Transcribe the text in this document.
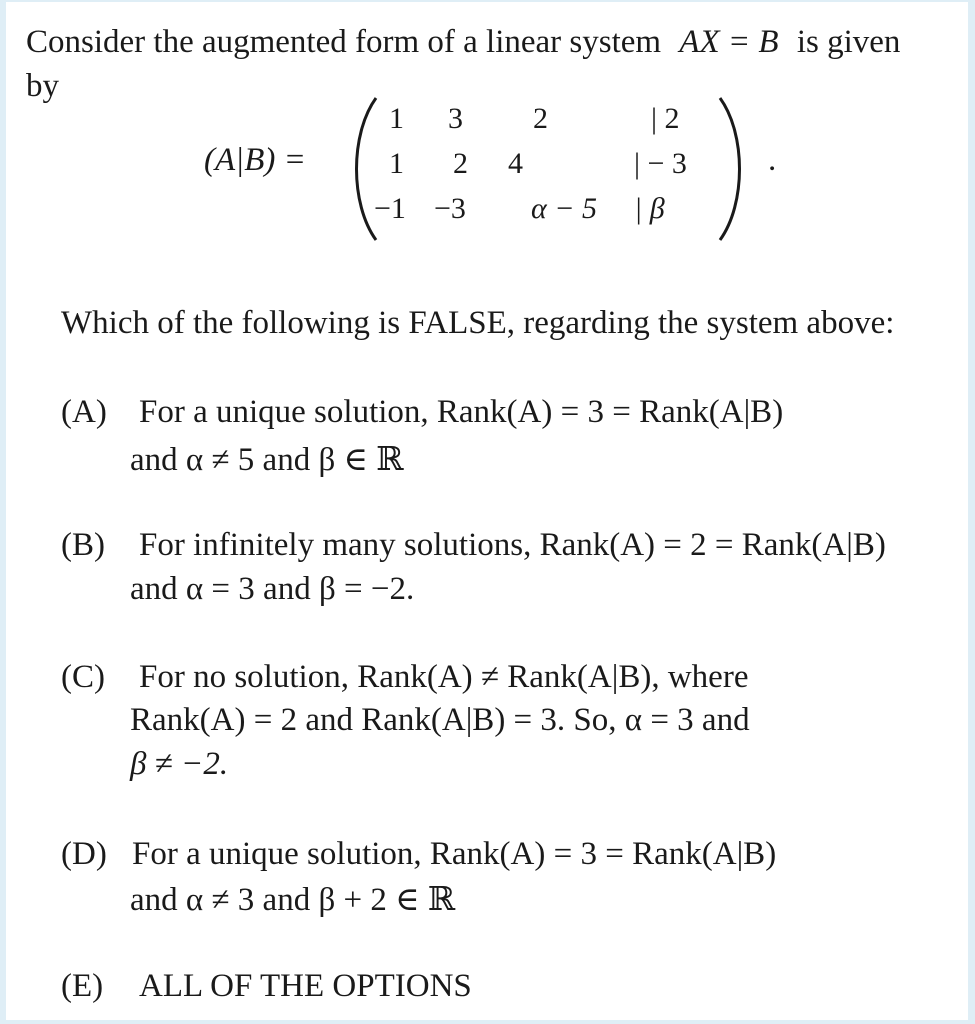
Consider the augmented form of a linear system AX = B is given
by
(A|B) =
1 3 2	| 2
1 2 4	| − 3
−1 −3 α − 5 | β
.
Which of the following is FALSE, regarding the system above:
(A) For a unique solution, Rank(A) = 3 = Rank(A|B)
and α ≠ 5 and β ∈ ℝ
(B) For infinitely many solutions, Rank(A) = 2 = Rank(A|B)
and α = 3 and β = −2.
(C) For no solution, Rank(A) ≠ Rank(A|B), where
Rank(A) = 2 and Rank(A|B) = 3. So, α = 3 and
β ≠ −2.
(D) For a unique solution, Rank(A) = 3 = Rank(A|B)
and α ≠ 3 and β + 2 ∈ ℝ
(E) ALL OF THE OPTIONS
